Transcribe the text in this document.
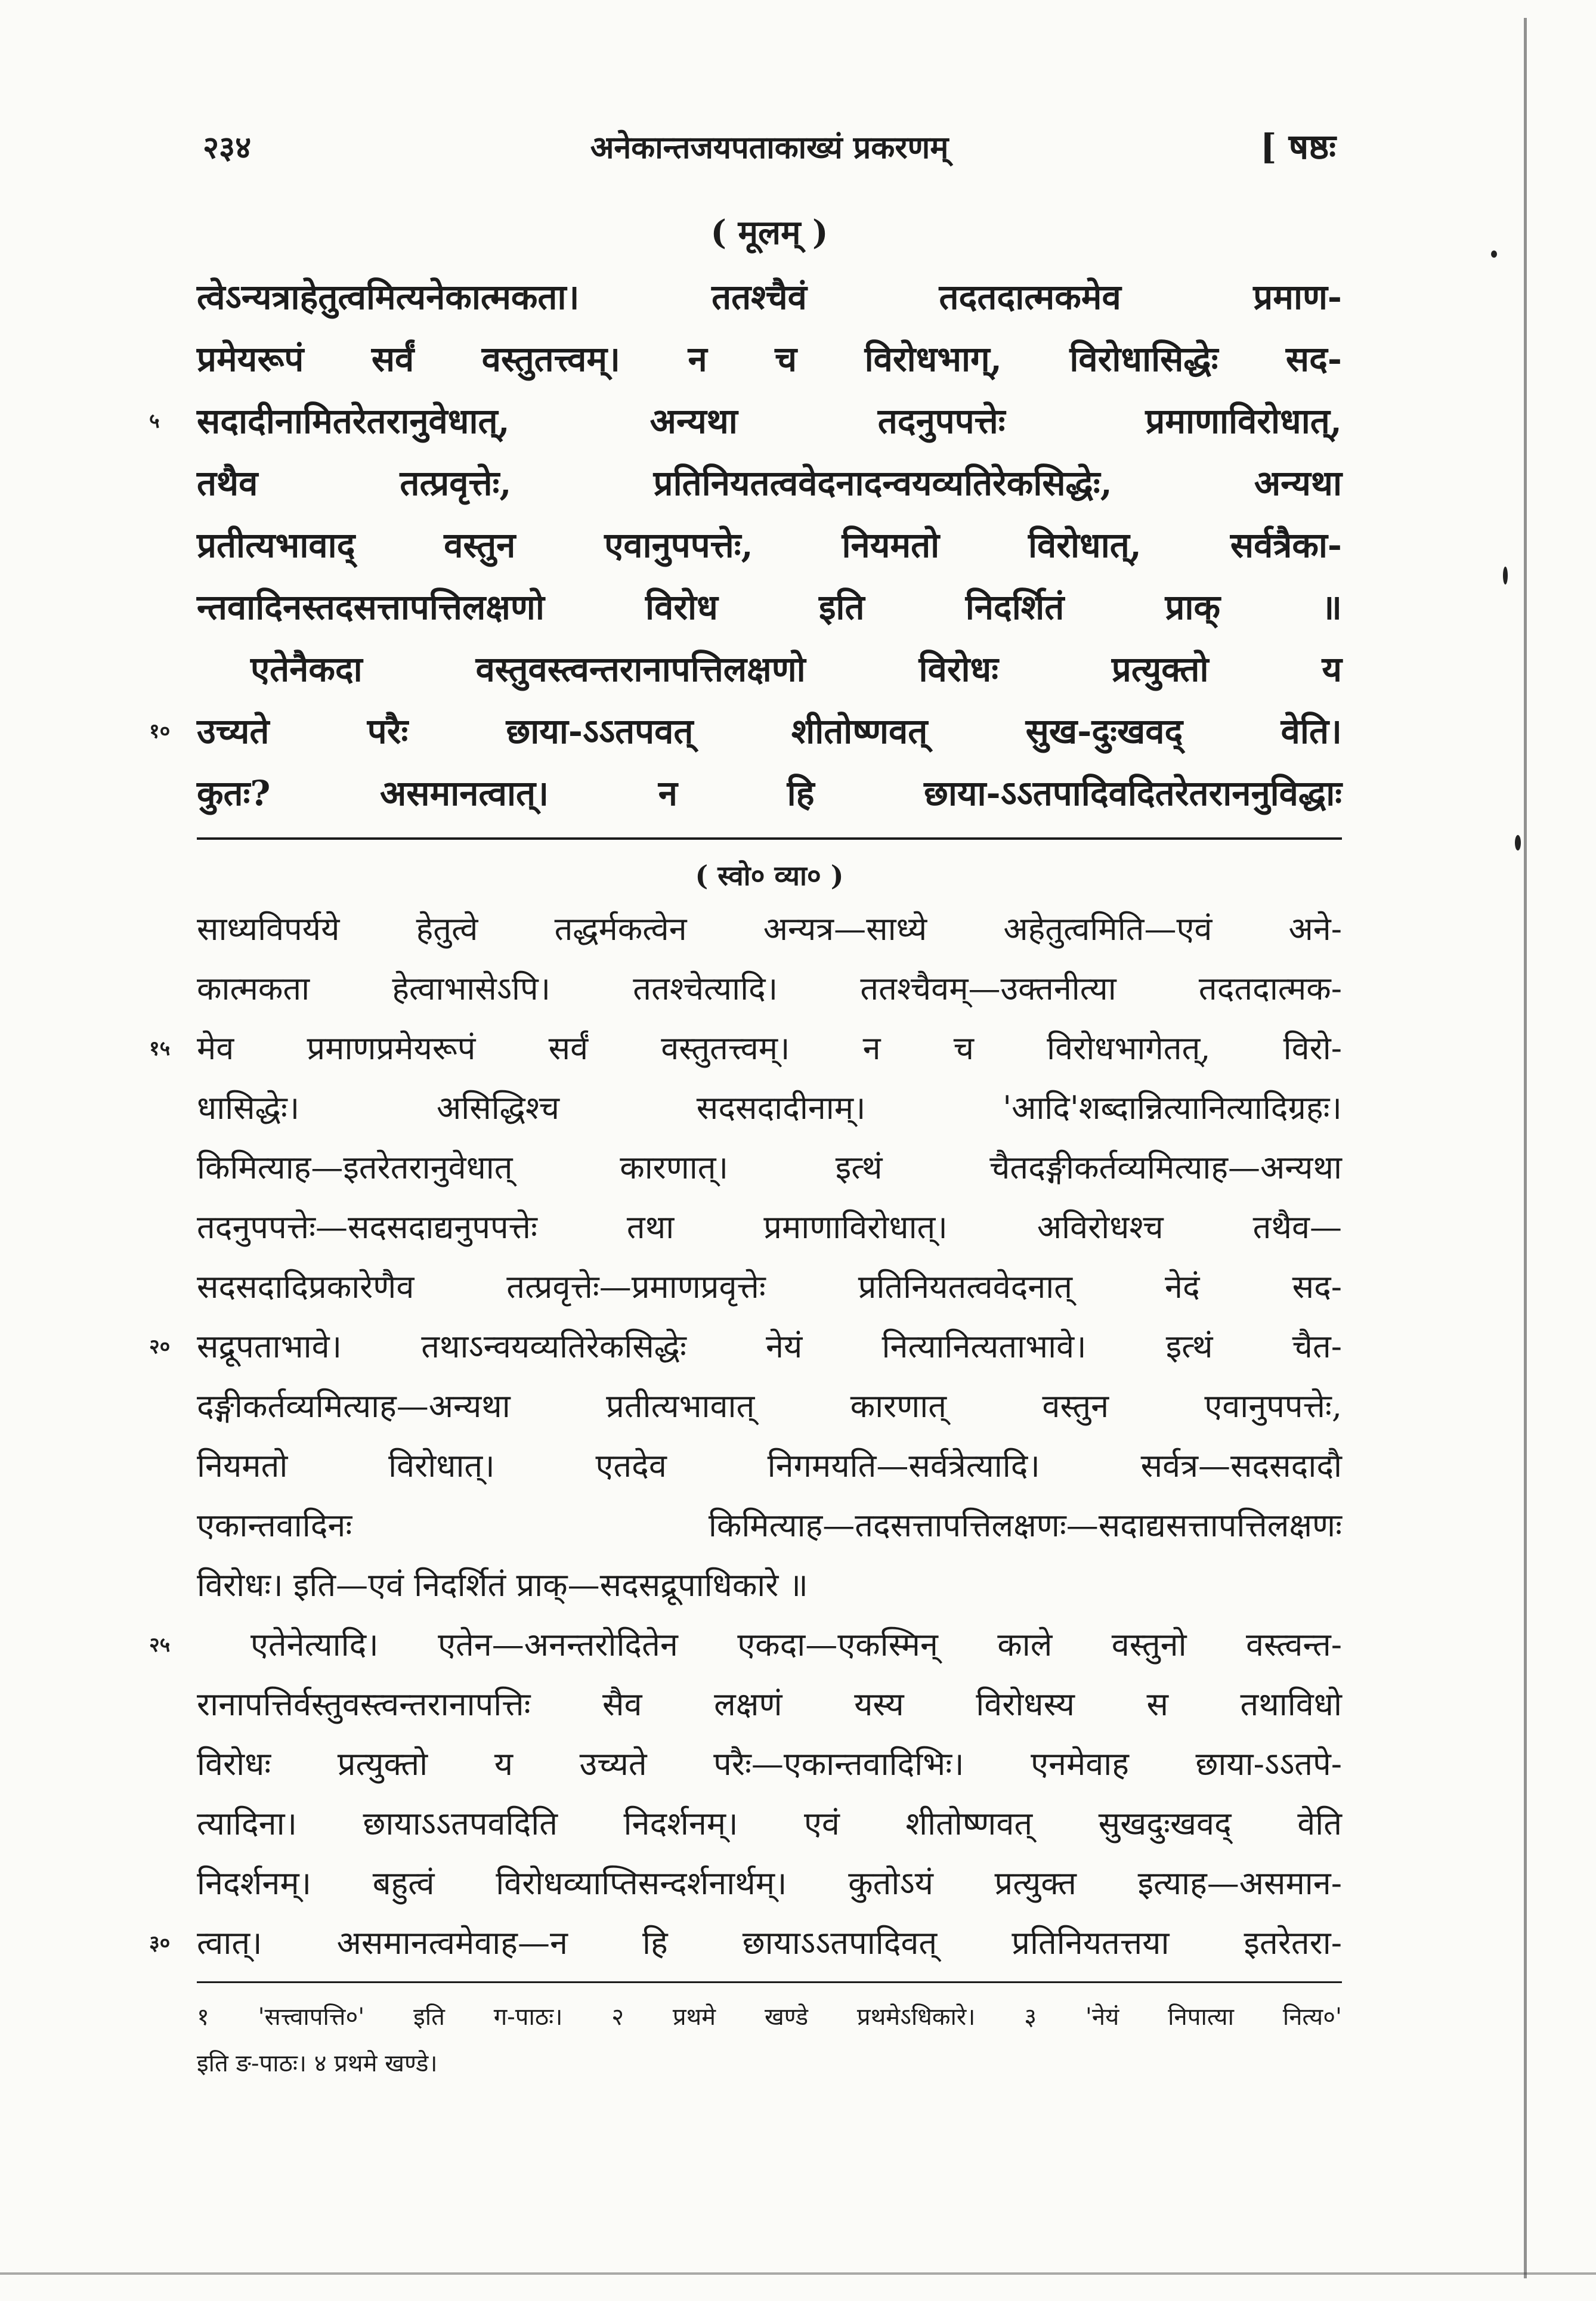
२३४	अनेकान्तजयपताकाख्यं प्रकरणम्	[ षष्ठः
( मूलम् )
त्वेऽन्यत्राहेतुत्वमित्यनेकात्मकता। ततश्चैवं तदतदात्मकमेव प्रमाण-
प्रमेयरूपं सर्वं वस्तुतत्त्वम्। न च विरोधभाग्, विरोधासिद्धेः सद-
५ सदादीनामितरेतरानुवेधात्, अन्यथा तदनुपपत्तेः प्रमाणाविरोधात्,
तथैव तत्प्रवृत्तेः, प्रतिनियतत्ववेदनादन्वयव्यतिरेकसिद्धेः, अन्यथा
प्रतीत्यभावाद् वस्तुन एवानुपपत्तेः, नियमतो विरोधात्, सर्वत्रैका-
न्तवादिनस्तदसत्तापत्तिलक्षणो विरोध इति निदर्शितं प्राक् ॥
एतेनैकदा वस्तुवस्त्वन्तरानापत्तिलक्षणो विरोधः प्रत्युक्तो य
१० उच्यते परैः छाया-ऽऽतपवत् शीतोष्णवत् सुख-दुःखवद् वेति।
कुतः? असमानत्वात्। न हि छाया-ऽऽतपादिवदितरेतराननुविद्धाः
( स्वो० व्या० )
साध्यविपर्यये हेतुत्वे तद्धर्मकत्वेन अन्यत्र—साध्ये अहेतुत्वमिति—एवं अने-
कात्मकता हेत्वाभासेऽपि। ततश्चेत्यादि। ततश्चैवम्—उक्तनीत्या तदतदात्मक-
१५ मेव प्रमाणप्रमेयरूपं सर्वं वस्तुतत्त्वम्। न च विरोधभागेतत्, विरो-
धासिद्धेः। असिद्धिश्च सदसदादीनाम्। 'आदि'शब्दान्नित्यानित्यादिग्रहः।
किमित्याह—इतरेतरानुवेधात् कारणात्। इत्थं चैतदङ्गीकर्तव्यमित्याह—अन्यथा
तदनुपपत्तेः—सदसदाद्यनुपपत्तेः तथा प्रमाणाविरोधात्। अविरोधश्च तथैव—
सदसदादिप्रकारेणैव तत्प्रवृत्तेः—प्रमाणप्रवृत्तेः प्रतिनियतत्ववेदनात् नेदं सद-
२० सद्रूपताभावे। तथाऽन्वयव्यतिरेकसिद्धेः नेयं नित्यानित्यताभावे। इत्थं चैत-
दङ्गीकर्तव्यमित्याह—अन्यथा प्रतीत्यभावात् कारणात् वस्तुन एवानुपपत्तेः,
नियमतो विरोधात्। एतदेव निगमयति—सर्वत्रेत्यादि। सर्वत्र—सदसदादौ
एकान्तवादिनः किमित्याह—तदसत्तापत्तिलक्षणः—सदाद्यसत्तापत्तिलक्षणः
विरोधः। इति—एवं निदर्शितं प्राक्—सदसद्रूपाधिकारे ॥
२५ एतेनेत्यादि। एतेन—अनन्तरोदितेन एकदा—एकस्मिन् काले वस्तुनो वस्त्वन्त-
रानापत्तिर्वस्तुवस्त्वन्तरानापत्तिः सैव लक्षणं यस्य विरोधस्य स तथाविधो
विरोधः प्रत्युक्तो य उच्यते परैः—एकान्तवादिभिः। एनमेवाह छाया-ऽऽतपे-
त्यादिना। छायाऽऽतपवदिति निदर्शनम्। एवं शीतोष्णवत् सुखदुःखवद् वेति
निदर्शनम्। बहुत्वं विरोधव्याप्तिसन्दर्शनार्थम्। कुतोऽयं प्रत्युक्त इत्याह—असमान-
३० त्वात्। असमानत्वमेवाह—न हि छायाऽऽतपादिवत् प्रतिनियतत्तया इतरेतरा-
१ 'सत्त्वापत्ति०' इति ग-पाठः। २ प्रथमे खण्डे प्रथमेऽधिकारे। ३ 'नेयं निपात्या नित्य०'
इति ङ-पाठः। ४ प्रथमे खण्डे।
